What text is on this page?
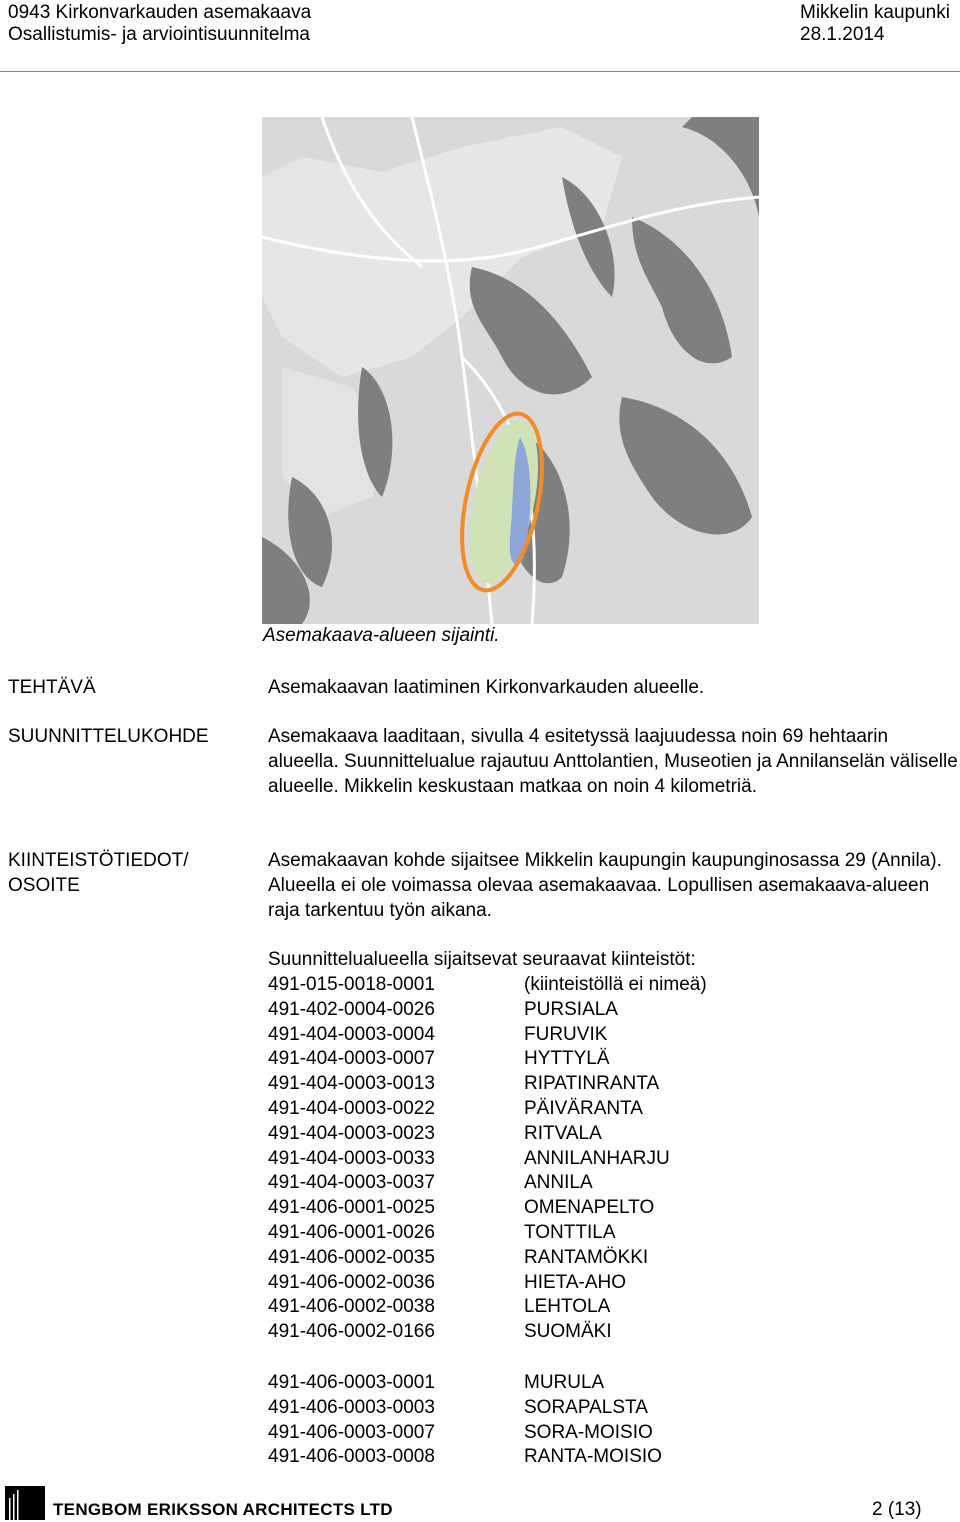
0943 Kirkonvarkauden asemakaava
Osallistumis- ja arviointisuunnitelma
Mikkelin kaupunki
28.1.2014
Asemakaava-alueen sijainti.
TEHTÄVÄ	Asemakaavan laatiminen Kirkonvarkauden alueelle.
SUUNNITTELUKOHDE	Asemakaava laaditaan, sivulla 4 esitetyssä laajuudessa noin 69 hehtaarin alueella. Suunnittelualue rajautuu Anttolantien, Museotien ja Annilanselän väliselle alueelle. Mikkelin keskustaan matkaa on noin 4 kilometriä.
KIINTEISTÖTIEDOT/
OSOITE
Asemakaavan kohde sijaitsee Mikkelin kaupungin kaupunginosassa 29 (Annila). Alueella ei ole voimassa olevaa asemakaavaa. Lopullisen asemakaava-alueen raja tarkentuu työn aikana.
Suunnittelualueella sijaitsevat seuraavat kiinteistöt:
491-015-0018-0001	(kiinteistöllä ei nimeä)
491-402-0004-0026	PURSIALA
491-404-0003-0004	FURUVIK
491-404-0003-0007	HYTTYLÄ
491-404-0003-0013	RIPATINRANTA
491-404-0003-0022	PÄIVÄRANTA
491-404-0003-0023	RITVALA
491-404-0003-0033	ANNILANHARJU
491-404-0003-0037	ANNILA
491-406-0001-0025	OMENAPELTO
491-406-0001-0026	TONTTILA
491-406-0002-0035	RANTAMÖKKI
491-406-0002-0036	HIETA-AHO
491-406-0002-0038	LEHTOLA
491-406-0002-0166	SUOMÄKI
491-406-0003-0001	MURULA
491-406-0003-0003	SORAPALSTA
491-406-0003-0007	SORA-MOISIO
491-406-0003-0008	RANTA-MOISIO
TENGBOM ERIKSSON ARCHITECTS LTD	2 (13)
